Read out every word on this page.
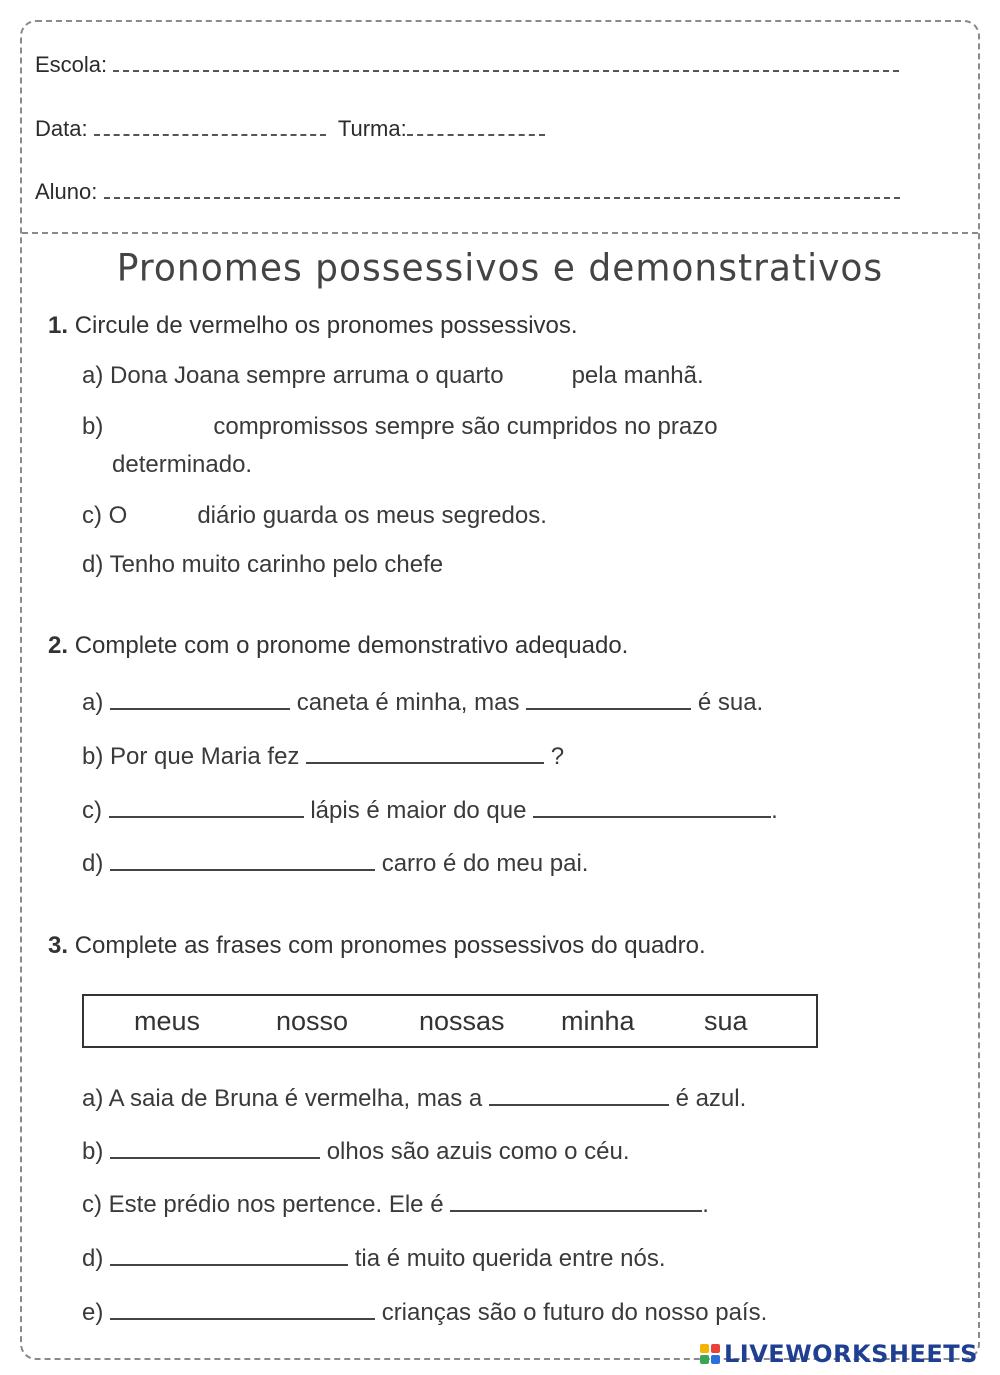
Escola:
Data:	Turma:
Aluno:
Pronomes possessivos e demonstrativos
1. Circule de vermelho os pronomes possessivos.
a) Dona Joana sempre arruma o quarto	pela manhã.
b)	compromissos sempre são cumpridos no prazo
determinado.
c) O	diário guarda os meus segredos.
d) Tenho muito carinho pelo chefe
2. Complete com o pronome demonstrativo adequado.
a)	caneta é minha, mas	é sua.
b) Por que Maria fez	?
c)	lápis é maior do que	.
d)	carro é do meu pai.
3. Complete as frases com pronomes possessivos do quadro.
meus	nosso	nossas minha	sua
a) A saia de Bruna é vermelha, mas a	é azul.
b)	olhos são azuis como o céu.
c) Este prédio nos pertence. Ele é	.
d)	tia é muito querida entre nós.
e)	crianças são o futuro do nosso país.
LIVEWORKSHEETS
